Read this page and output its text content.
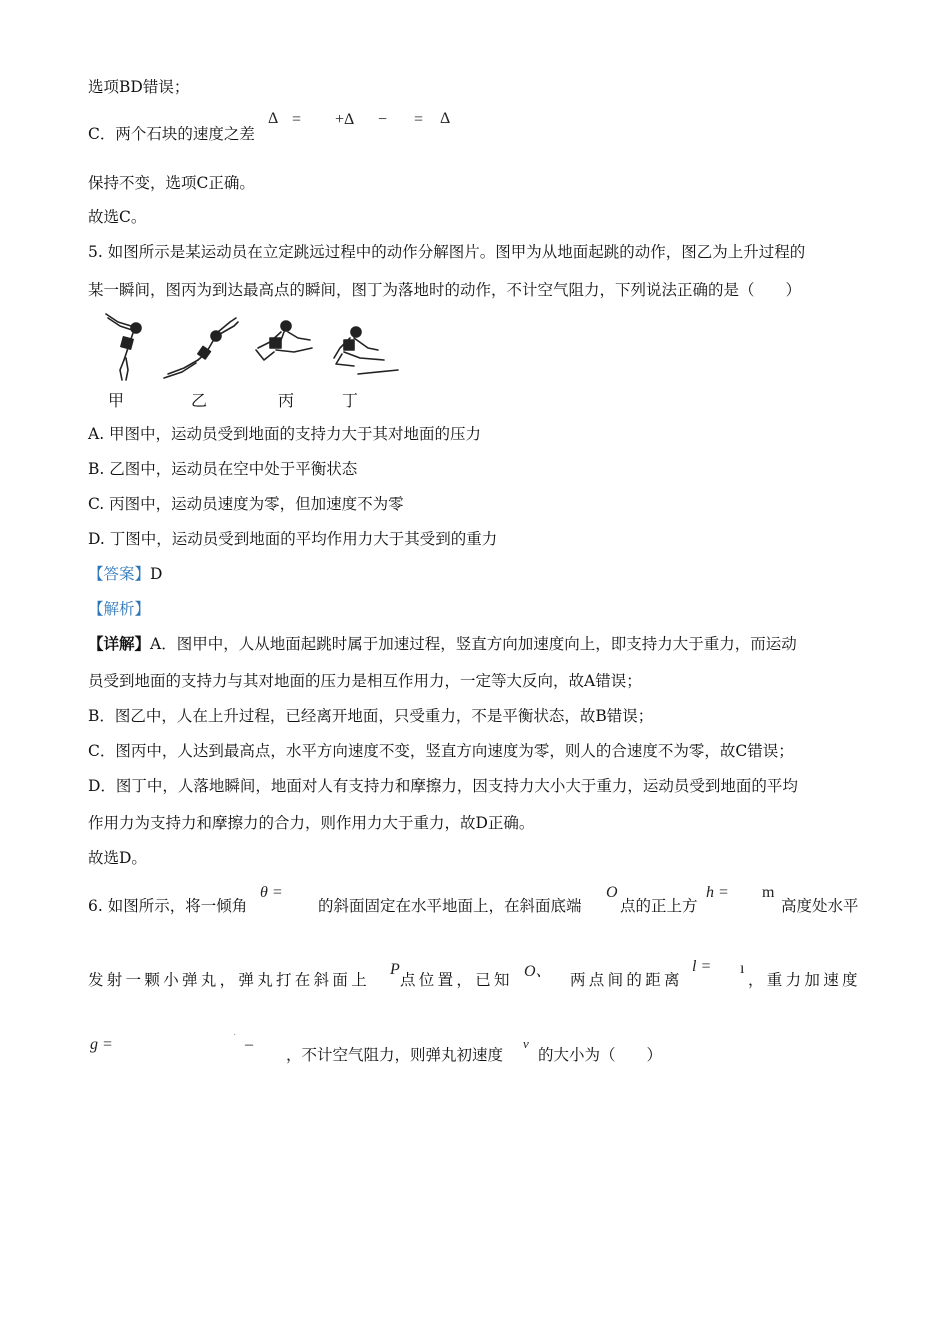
选项BD错误；
C．两个石块的速度之差
Δ = +Δ − = Δ
保持不变，选项C正确。
故选C。
5. 如图所示是某运动员在立定跳远过程中的动作分解图片。图甲为从地面起跳的动作，图乙为上升过程的
某一瞬间，图丙为到达最高点的瞬间，图丁为落地时的动作，不计空气阻力，下列说法正确的是（　　）
甲	乙	丙	丁
A. 甲图中，运动员受到地面的支持力大于其对地面的压力
B. 乙图中，运动员在空中处于平衡状态
C. 丙图中，运动员速度为零，但加速度不为零
D. 丁图中，运动员受到地面的平均作用力大于其受到的重力
【答案】D
【解析】
【详解】A．图甲中，人从地面起跳时属于加速过程，竖直方向加速度向上，即支持力大于重力，而运动
员受到地面的支持力与其对地面的压力是相互作用力，一定等大反向，故A错误；
B．图乙中，人在上升过程，已经离开地面，只受重力，不是平衡状态，故B错误；
C．图丙中，人达到最高点，水平方向速度不变，竖直方向速度为零，则人的合速度不为零，故C错误；
D．图丁中，人落地瞬间，地面对人有支持力和摩擦力，因支持力大小大于重力，运动员受到地面的平均
作用力为支持力和摩擦力的合力，则作用力大于重力，故D正确。
故选D。
6. 如图所示，将一倾角
θ =
的斜面固定在水平地面上，在斜面底端
O
点的正上方
h = m
高度处水平
发射一颗小弹丸，弹丸打在斜面上
P
点位置，已知 O、 两点间的距离
l = ı
，重力加速度
g =
·
–
，不计空气阻力，则弹丸初速度
v
的大小为（　　）
